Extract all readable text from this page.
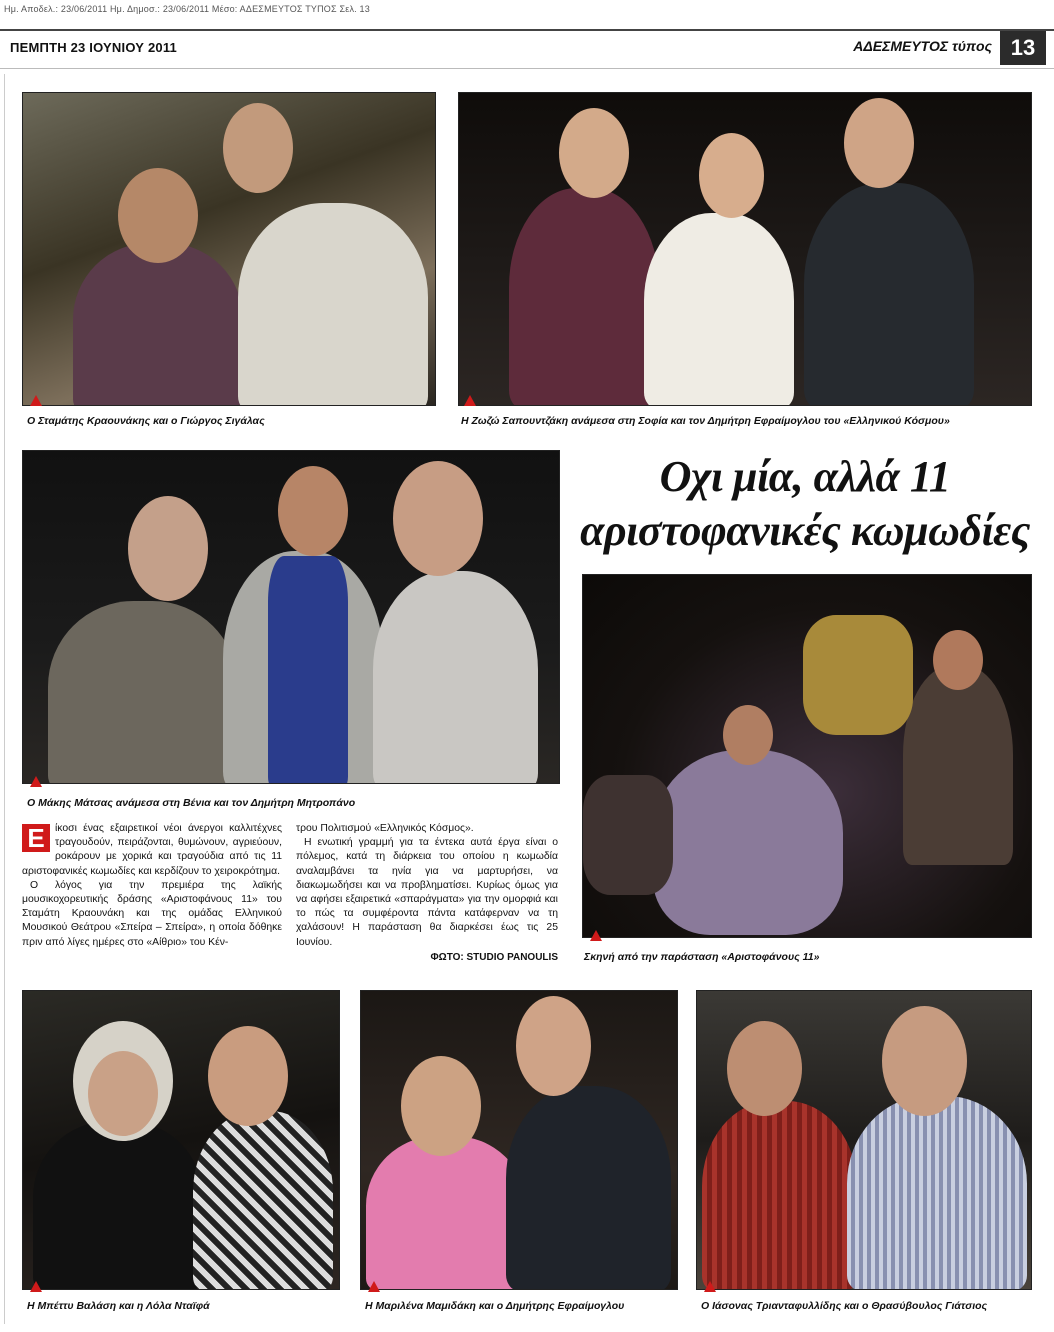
Ημ. Αποδελ.: 23/06/2011 Ημ. Δημοσ.: 23/06/2011 Μέσο: ΑΔΕΣΜΕΥΤΟΣ ΤΥΠΟΣ Σελ. 13
ΠΕΜΠΤΗ 23 ΙΟΥΝΙΟΥ 2011	ΑΔΕΣΜΕΥΤΟΣ τύπος 13
Ο Σταμάτης Κραουνάκης και ο Γιώργος Σιγάλας	Η Ζωζώ Σαπουντζάκη ανάμεσα στη Σοφία και τον Δημήτρη Εφραίμογλου του «Ελληνικού Κόσμου»
Ο Μάκης Μάτσας ανάμεσα στη Βένια και τον Δημήτρη Μητροπάνο
Οχι μία, αλλά 11
αριστοφανικές κωμωδίες
Σκηνή από την παράσταση «Αριστοφάνους 11»

Ε ίκοσι ένας εξαιρετικοί νέοι άνεργοι καλλιτέχνες τραγουδούν, πειράζονται, θυμώνουν, αγριεύουν, ροκάρουν με χορικά και τραγούδια από τις 11 αριστοφανικές κωμωδίες και κερδίζουν το χειροκρότημα.

Ο λόγος για την πρεμιέρα της λαϊκής μουσικοχορευτικής δράσης «Αριστοφάνους 11» του Σταμάτη Κραουνάκη και της ομάδας Ελληνικού Μουσικού Θεάτρου «Σπείρα – Σπείρα», η οποία δόθηκε πριν από λίγες ημέρες στο «Αίθριο» του Κέν-

τρου Πολιτισμού «Ελληνικός Κόσμος».

Η ενωτική γραμμή για τα έντεκα αυτά έργα είναι ο πόλεμος, κατά τη διάρκεια του οποίου η κωμωδία αναλαμβάνει τα ηνία για να μαρτυρήσει, να διακωμωδήσει και να προβληματίσει. Κυρίως όμως για να αφήσει εξαιρετικά «σπαράγματα» για την ομορφιά και το πώς τα συμφέροντα πάντα κατάφερναν να τη χαλάσουν! Η παράσταση θα διαρκέσει έως τις 25 Ιουνίου.

ΦΩΤΟ: STUDIO PANOULIS
Η Μπέττυ Βαλάση και η Λόλα Νταϊφά	Η Μαριλένα Μαμιδάκη και ο Δημήτρης Εφραίμογλου	Ο Ιάσονας Τριανταφυλλίδης και ο Θρασύβουλος Γιάτσιος
